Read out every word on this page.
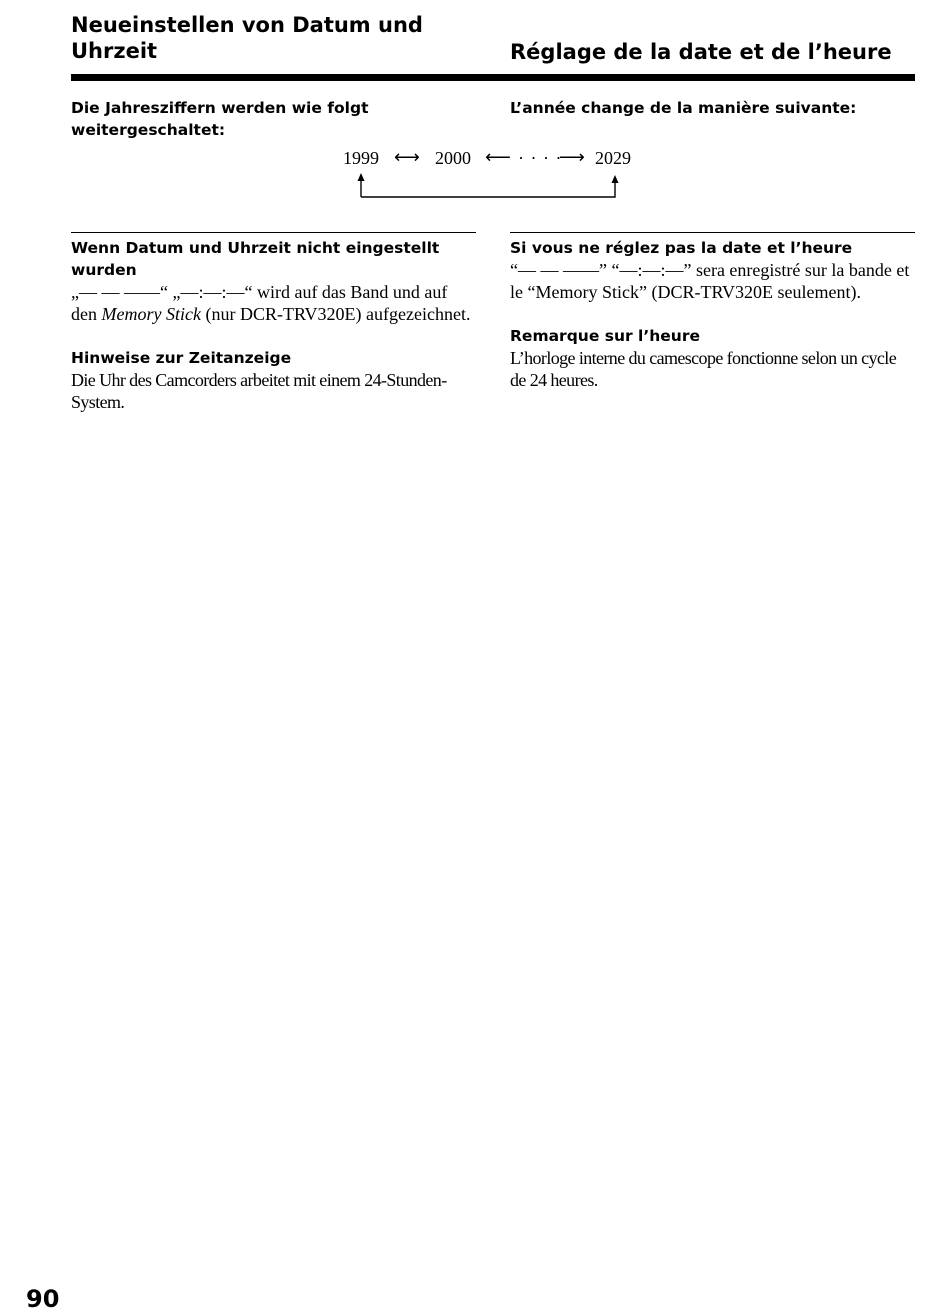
Neueinstellen von Datum und Uhrzeit	Réglage de la date et de l’heure

Die Jahresziffern werden wie folgt weitergeschaltet:

L’année change de la manière suivante:

1999 ⟷ 2000 ⟵ · · · ·
⟶ 2029

Wenn Datum und Uhrzeit nicht eingestellt wurden

„–– –– ––––“ „––:––:––“ wird auf das Band und auf den Memory Stick (nur DCR-TRV320E) aufgezeichnet.

Hinweise zur Zeitanzeige

Die Uhr des Camcorders arbeitet mit einem 24-Stunden-System.

Si vous ne réglez pas la date et l’heure

“–– –– ––––” “––:––:––” sera enregistré sur la bande et le “Memory Stick” (DCR-TRV320E seulement).

Remarque sur l’heure

L’horloge interne du camescope fonctionne selon un cycle de 24 heures.

90
